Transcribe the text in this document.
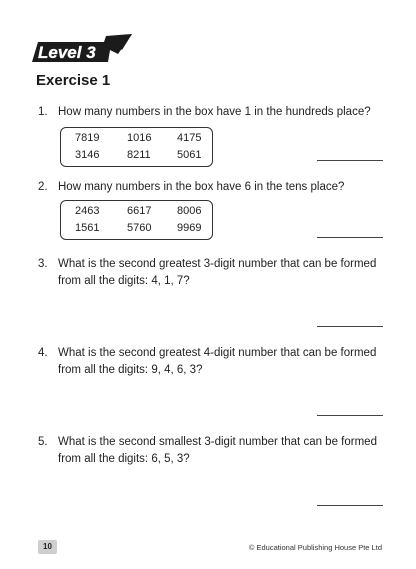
Level 3
Exercise 1
1. How many numbers in the box have 1 in the hundreds place?
7819	1016 4175
3146	8211 5061
2. How many numbers in the box have 6 in the tens place?
2463	6617 8006
1561	5760 9969
3. What is the second greatest 3-digit number that can be formed from all the digits: 4, 1, 7?
4. What is the second greatest 4-digit number that can be formed from all the digits: 9, 4, 6, 3?
5. What is the second smallest 3-digit number that can be formed from all the digits: 6, 5, 3?
10	© Educational Publishing House Pte Ltd
